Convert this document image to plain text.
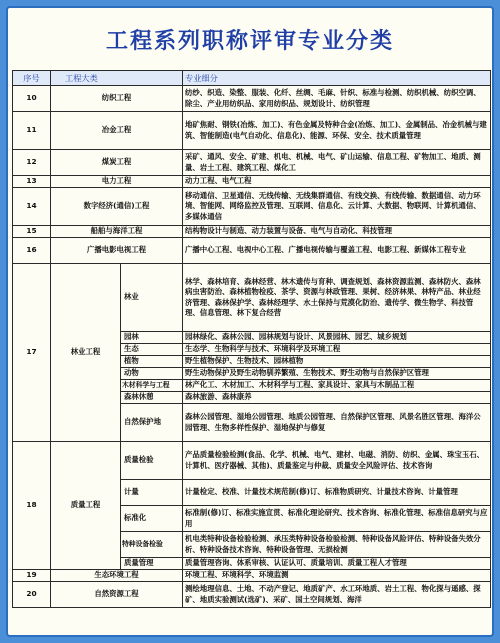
工程系列职称评审专业分类
序号	工程大类		专业细分
10	纺织工程		纺纱、织造、染整、服装、化纤、丝绸、毛麻、针织、标准与检测、纺织机械、纺织空调、除尘、产业用纺织品、家用纺织品、规划设计、纺织管理
11	冶金工程		地矿焦耐、钢铁(冶炼、加工)、有色金属及特种合金(冶炼、加工)、金属制品、冶金机械与建筑、智能制造(电气自动化、信息化)、能源、环保、安全、技术质量管理
12	煤炭工程		采矿、通风、安全、矿建、机电、机械、电气、矿山运输、信息工程、矿物加工、地质、测量、岩土工程、建筑工程、煤化工
13	电力工程		动力工程、电气工程
14	数字经济(通信)工程		移动通信、卫星通信、无线传输、无线集群通信、有线交换、有线传输、数据通信、动力环境、智能网、网络监控及管理、互联网、信息化、云计算、大数据、物联网、计算机通信、多媒体通信
15	船舶与海洋工程		结构物设计与制造、动力装置与设备、电气与自动化、科技管理
16	广播电影电视工程		广播中心工程、电视中心工程、广播电视传输与覆盖工程、电影工程、新媒体工程专业
17	林业工程	林业	林学、森林培育、森林经营、林木遗传与育种、调查规划、森林资源监测、森林防火、森林病虫害防治、森林植物检疫、茶学、资源与林政管理、果树、经济林果、林特产品、林业经济管理、森林保护学、森林经理学、水土保持与荒漠化防治、遗传学、微生物学、科技管理、信息管理、林下复合经营
		园林	园林绿化、森林公园、园林规划与设计、风景园林、园艺、城乡规划
		生态	生态学、生物科学与技术、环境科学及环境工程
		植物	野生植物保护、生物技术、园林植物
		动物	野生动物保护及野生动物驯养繁殖、生物技术、野生动物与自然保护区管理
		木材科学与工程	林产化工、木材加工、木材科学与工程、家具设计、家具与木制品工程
		森林休憩	森林旅游、森林康养
		自然保护地	森林公园管理、湿地公园管理、地质公园管理、自然保护区管理、风景名胜区管理、海洋公园管理、生物多样性保护、湿地保护与修复
18	质量工程	质量检验	产品质量检验检测(食品、化学、机械、电气、建材、电磁、消防、纺织、金属、珠宝玉石、计算机、医疗器械、其他)、质量鉴定与仲裁、质量安全风险评估、技术咨询
		计量	计量检定、校准、计量技术规范制(修)订、标准物质研究、计量技术咨询、计量管理
		标准化	标准制(修)订、标准实施宣贯、标准化理论研究、技术咨询、标准化管理、标准信息研究与应用
		特种设备检验	机电类特种设备检验检测、承压类特种设备检验检测、特种设备风险评估、特种设备失效分析、特种设备技术咨询、特种设备管理、无损检测
		质量管理	质量管理咨询、体系审核、认证认可、质量培训、质量工程人才管理
19	生态环境工程		环境工程、环境科学、环境监测
20	自然资源工程		测绘地理信息、土地、不动产登记、地质矿产、水工环地质、岩土工程、物化探与遥感、探矿、地质实验测试(选矿)、采矿、国土空间规划、海洋
